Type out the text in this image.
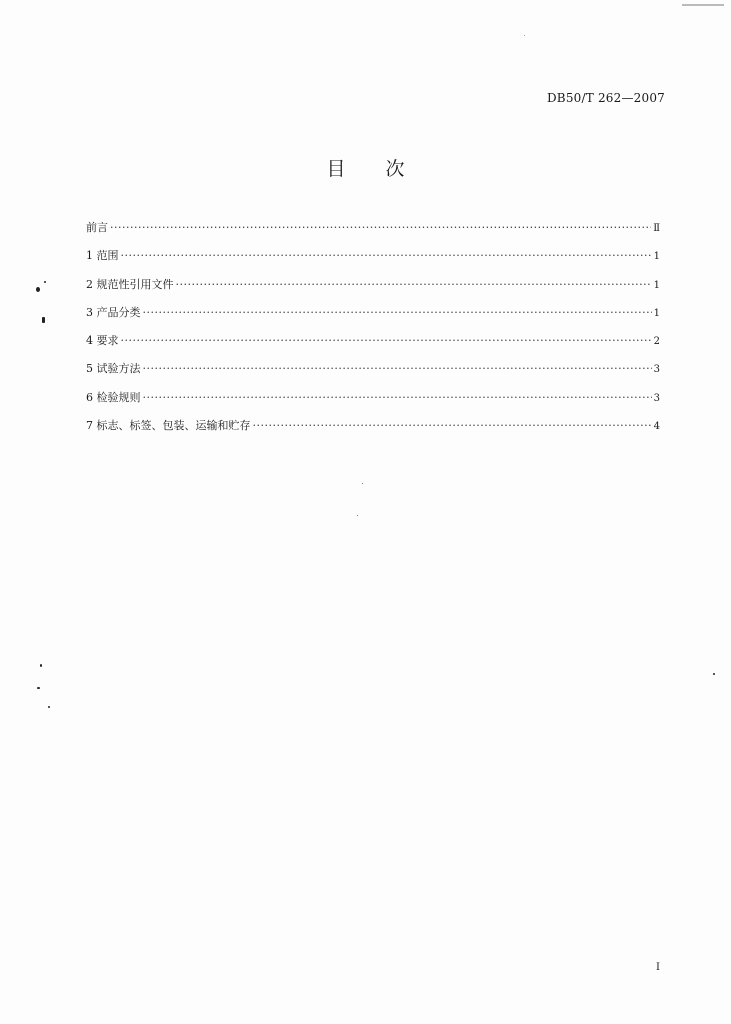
DB50/T 262—2007
目 次
前言 ·····	Ⅱ
1 范围 ·····	1
2 规范性引用文件 ·····	1
3 产品分类 ·····	1
4 要求 ·····	2
5 试验方法 ·····	3
6 检验规则 ·····	3
7 标志、标签、包装、运输和贮存 ·····	4
I
